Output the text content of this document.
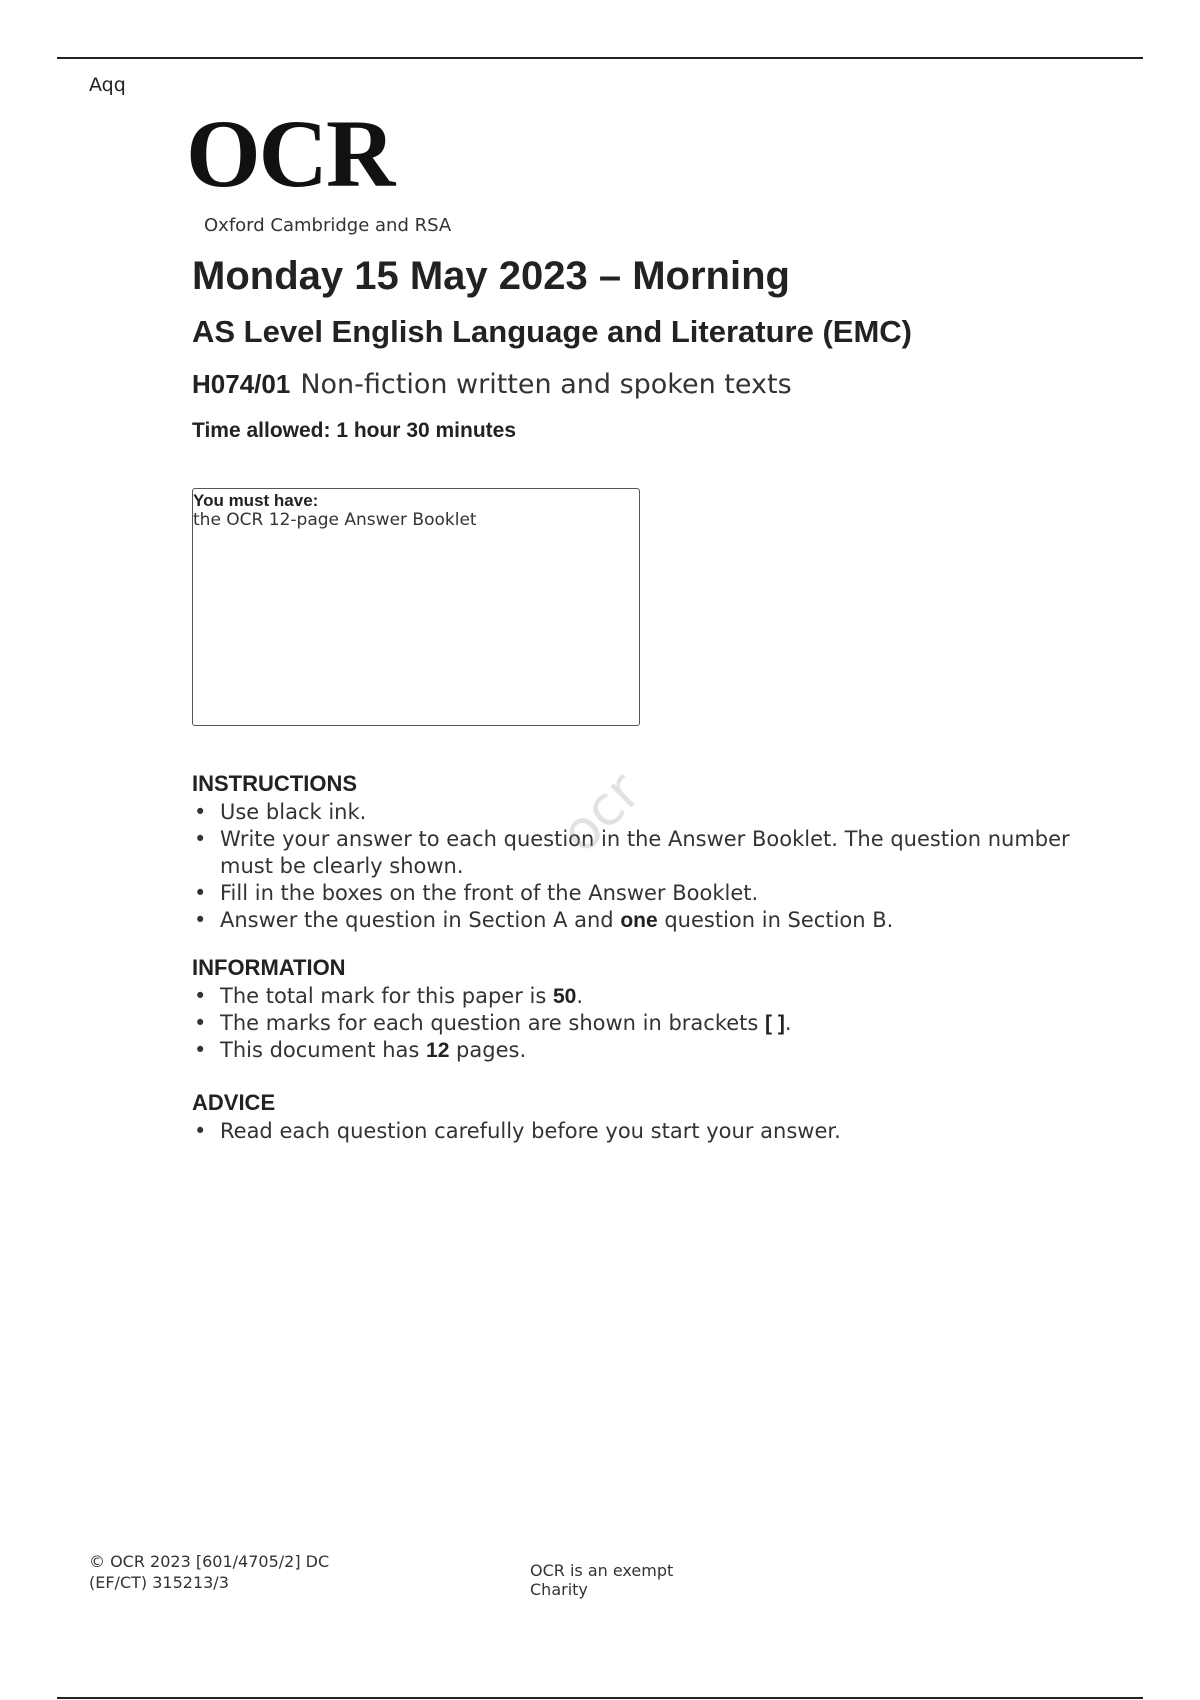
Aqq
OCR
Oxford Cambridge and RSA
Monday 15 May 2023 – Morning
AS Level English Language and Literature (EMC)
H074/01 Non-fiction written and spoken texts
Time allowed: 1 hour 30 minutes
You must have:
the OCR 12-page Answer Booklet
INSTRUCTIONS
• Use black ink.
• Write your answer to each question in the Answer Booklet. The question number must be clearly shown.
• Fill in the boxes on the front of the Answer Booklet.
• Answer the question in Section A and one question in Section B.
INFORMATION
• The total mark for this paper is 50.
• The marks for each question are shown in brackets [ ].
• This document has 12 pages.
ADVICE
• Read each question carefully before you start your answer.
ocr
© OCR 2023 [601/4705/2] DC
(EF/CT) 315213/3
OCR is an exempt
Charity
